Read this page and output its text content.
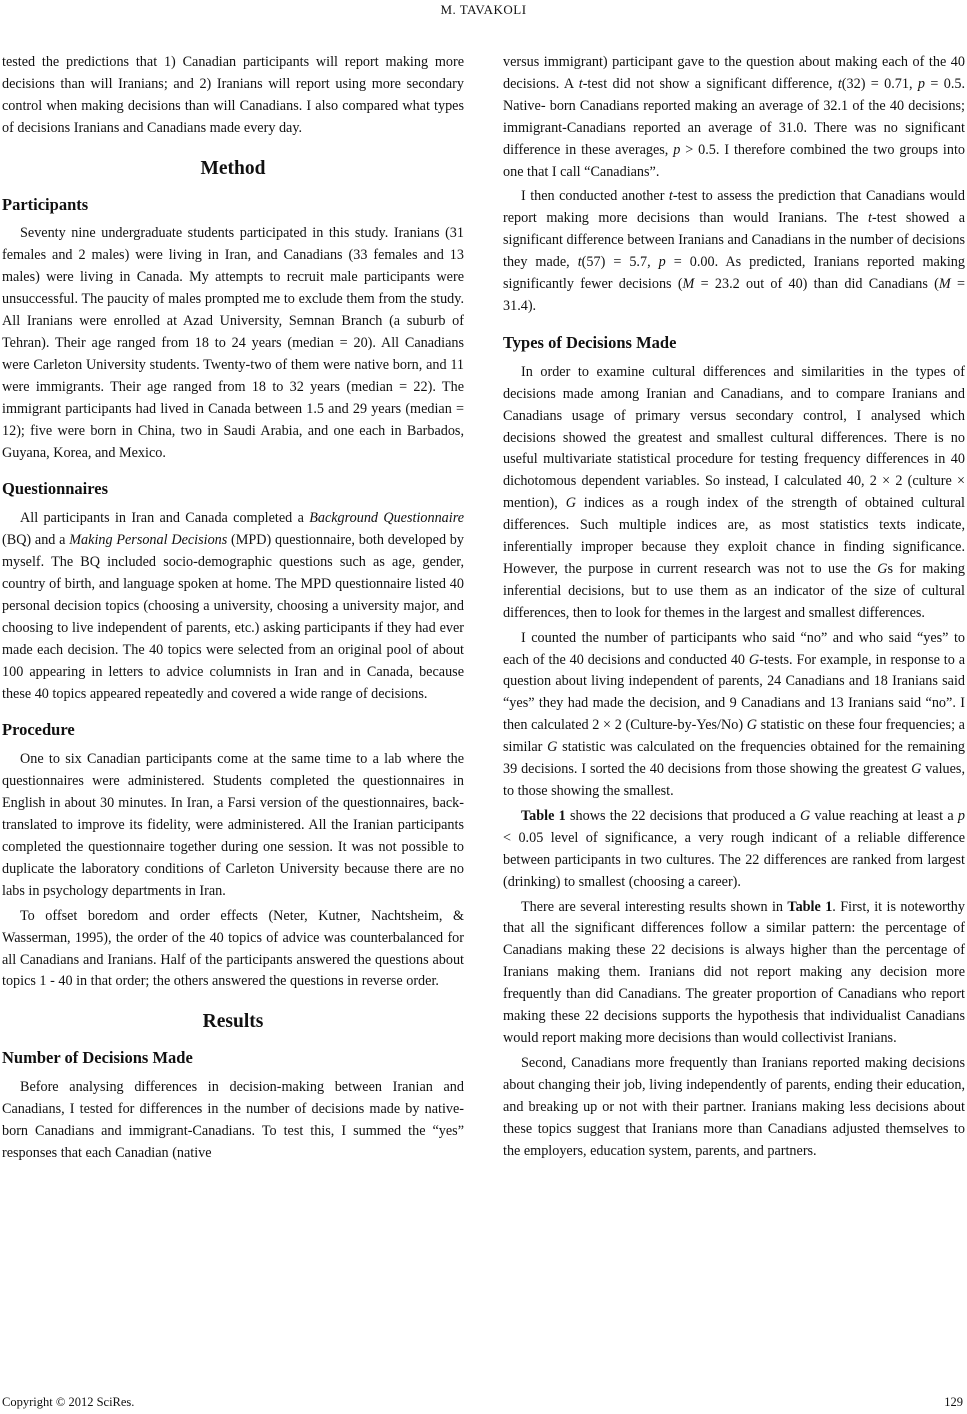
M. TAVAKOLI

tested the predictions that 1) Canadian participants will report making more decisions than will Iranians; and 2) Iranians will report using more secondary control when making decisions than will Canadians. I also compared what types of decisions Iranians and Canadians made every day.

Method
Participants

Seventy nine undergraduate students participated in this study. Iranians (31 females and 2 males) were living in Iran, and Canadians (33 females and 13 males) were living in Canada. My attempts to recruit male participants were unsuccessful. The paucity of males prompted me to exclude them from the study. All Iranians were enrolled at Azad University, Semnan Branch (a suburb of Tehran). Their age ranged from 18 to 24 years (median = 20). All Canadians were Carleton University students. Twenty-two of them were native born, and 11 were immigrants. Their age ranged from 18 to 32 years (median = 22). The immigrant participants had lived in Canada between 1.5 and 29 years (median = 12); five were born in China, two in Saudi Arabia, and one each in Barbados, Guyana, Korea, and Mexico.

Questionnaires

All participants in Iran and Canada completed a Background Questionnaire (BQ) and a Making Personal Decisions (MPD) questionnaire, both developed by myself. The BQ included socio-demographic questions such as age, gender, country of birth, and language spoken at home. The MPD questionnaire listed 40 personal decision topics (choosing a university, choosing a university major, and choosing to live independent of parents, etc.) asking participants if they had ever made each decision. The 40 topics were selected from an original pool of about 100 appearing in letters to advice columnists in Iran and in Canada, because these 40 topics appeared repeatedly and covered a wide range of decisions.

Procedure

One to six Canadian participants come at the same time to a lab where the questionnaires were administered. Students completed the questionnaires in English in about 30 minutes. In Iran, a Farsi version of the questionnaires, back-translated to improve its fidelity, were administered. All the Iranian participants completed the questionnaire together during one session. It was not possible to duplicate the laboratory conditions of Carleton University because there are no labs in psychology departments in Iran.

To offset boredom and order effects (Neter, Kutner, Nachtsheim, & Wasserman, 1995), the order of the 40 topics of advice was counterbalanced for all Canadians and Iranians. Half of the participants answered the questions about topics 1 - 40 in that order; the others answered the questions in reverse order.

Results
Number of Decisions Made

Before analysing differences in decision-making between Iranian and Canadians, I tested for differences in the number of decisions made by native-born Canadians and immigrant-Canadians. To test this, I summed the “yes” responses that each Canadian (native

versus immigrant) participant gave to the question about making each of the 40 decisions. A t-test did not show a significant difference, t(32) = 0.71, p = 0.5. Native- born Canadians reported making an average of 32.1 of the 40 decisions; immigrant-Canadians reported an average of 31.0. There was no significant difference in these averages, p > 0.5. I therefore combined the two groups into one that I call “Canadians”.

I then conducted another t-test to assess the prediction that Canadians would report making more decisions than would Iranians. The t-test showed a significant difference between Iranians and Canadians in the number of decisions they made, t(57) = 5.7, p = 0.00. As predicted, Iranians reported making significantly fewer decisions (M = 23.2 out of 40) than did Canadians (M = 31.4).

Types of Decisions Made

In order to examine cultural differences and similarities in the types of decisions made among Iranian and Canadians, and to compare Iranians and Canadians usage of primary versus secondary control, I analysed which decisions showed the greatest and smallest cultural differences. There is no useful multivariate statistical procedure for testing frequency differences in 40 dichotomous dependent variables. So instead, I calculated 40, 2 × 2 (culture × mention), G indices as a rough index of the strength of obtained cultural differences. Such multiple indices are, as most statistics texts indicate, inferentially improper because they exploit chance in finding significance. However, the purpose in current research was not to use the Gs for making inferential decisions, but to use them as an indicator of the size of cultural differences, then to look for themes in the largest and smallest differences.

I counted the number of participants who said “no” and who said “yes” to each of the 40 decisions and conducted 40 G-tests. For example, in response to a question about living independent of parents, 24 Canadians and 18 Iranians said “yes” they had made the decision, and 9 Canadians and 13 Iranians said “no”. I then calculated 2 × 2 (Culture-by-Yes/No) G statistic on these four frequencies; a similar G statistic was calculated on the frequencies obtained for the remaining 39 decisions. I sorted the 40 decisions from those showing the greatest G values, to those showing the smallest.

Table 1 shows the 22 decisions that produced a G value reaching at least a p < 0.05 level of significance, a very rough indicant of a reliable difference between participants in two cultures. The 22 differences are ranked from largest (drinking) to smallest (choosing a career).

There are several interesting results shown in Table 1. First, it is noteworthy that all the significant differences follow a similar pattern: the percentage of Canadians making these 22 decisions is always higher than the percentage of Iranians making them. Iranians did not report making any decision more frequently than did Canadians. The greater proportion of Canadians who report making these 22 decisions supports the hypothesis that individualist Canadians would report making more decisions than would collectivist Iranians.

Second, Canadians more frequently than Iranians reported making decisions about changing their job, living independently of parents, ending their education, and breaking up or not with their partner. Iranians making less decisions about these topics suggest that Iranians more than Canadians adjusted themselves to the employers, education system, parents, and partners.

Copyright © 2012 SciRes.	129
